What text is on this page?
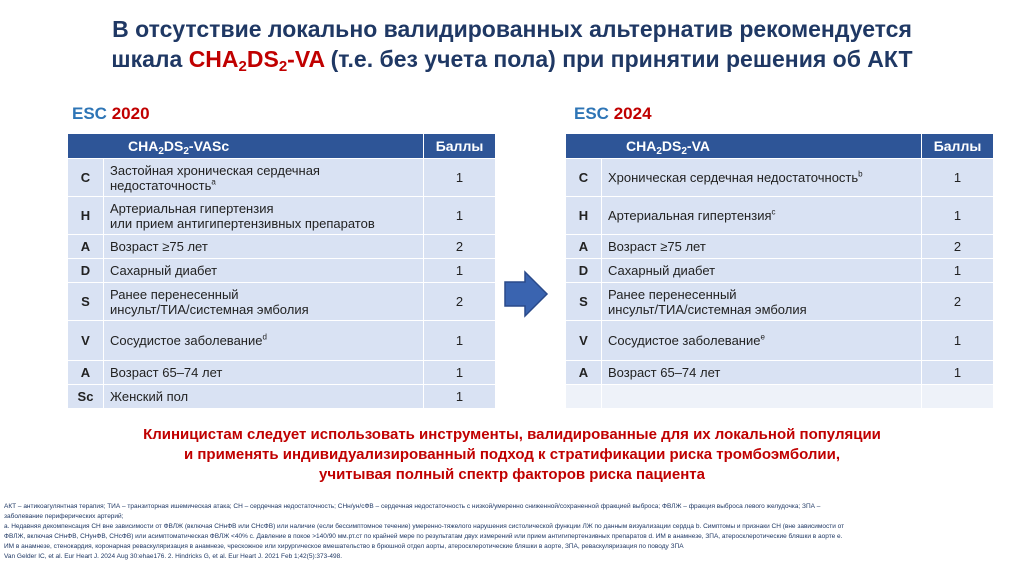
В отсутствие локально валидированных альтернатив рекомендуется
шкала $CHA_2DS_2-VA$ (т.е. без учета пола) при принятии решения об АКТ
ESC 2020	ESC 2024
$CHA_2DS_2$-VASc		Баллы
C	Застойная хроническая сердечная
недостаточность$^a$	1
H	Артериальная гипертензия
или прием антигипертензивных препаратов	1
A	Возраст ≥75 лет	2
D	Сахарный диабет	1
S	Ранее перенесенный
инсульт/ТИА/системная эмболия	2
V	Сосудистое заболевание$^d$	1
A	Возраст 65–74 лет	1
Sc	Женский пол	1
$CHA_2DS_2-VA$		Баллы
C	Хроническая сердечная недостаточность$^b$	1
H	Артериальная гипертензия$^c$	1
A	Возраст ≥75 лет	2
D	Сахарный диабет	1
S	Ранее перенесенный
инсульт/ТИА/системная эмболия	2
V	Сосудистое заболевание$^e$	1
A	Возраст 65–74 лет	1

Клиницистам следует использовать инструменты, валидированные для их локальной популяции
и применять индивидуализированный подход к стратификации риска тромбоэмболии,
учитывая полный спектр факторов риска пациента
АКТ – антикоагулянтная терапия; ТИА – транзиторная ишемическая атака; СН – сердечная недостаточность; СНн/ун/сФВ – сердечная недостаточность с низкой/умеренно сниженной/сохраненной фракцией выброса; ФВЛЖ – фракция выброса левого желудочка; ЗПА –
заболевание периферических артерий;
a. Недавняя декомпенсация СН вне зависимости от ФВЛЖ (включая СНнФВ или СНсФВ) или наличие (если бессимптомное течение) умеренно-тяжелого нарушения систолической функции ЛЖ по данным визуализации сердца b. Симптомы и признаки СН (вне зависимости от
ФВЛЖ, включая СНнФВ, СНунФВ, СНсФВ) или асимптоматическая ФВЛЖ <40% c. Давление в покое >140/90 мм.рт.ст по крайней мере по результатам двух измерений или прием антигипертензивных препаратов d. ИМ в анамнезе, ЗПА, атеросклеротические бляшки в аорте e.
ИМ в анамнезе, стенокардия, коронарная реваскуляризация в анамнезе, чрескожное или хирургическое вмешательство в брюшной отдел аорты, атеросклеротические бляшки в аорте, ЗПА, реваскуляризация по поводу ЗПА
Van Gelder IC, et al. Eur Heart J. 2024 Aug 30:ehae176. 2. Hindricks G, et al. Eur Heart J. 2021 Feb 1;42(5):373-498.
